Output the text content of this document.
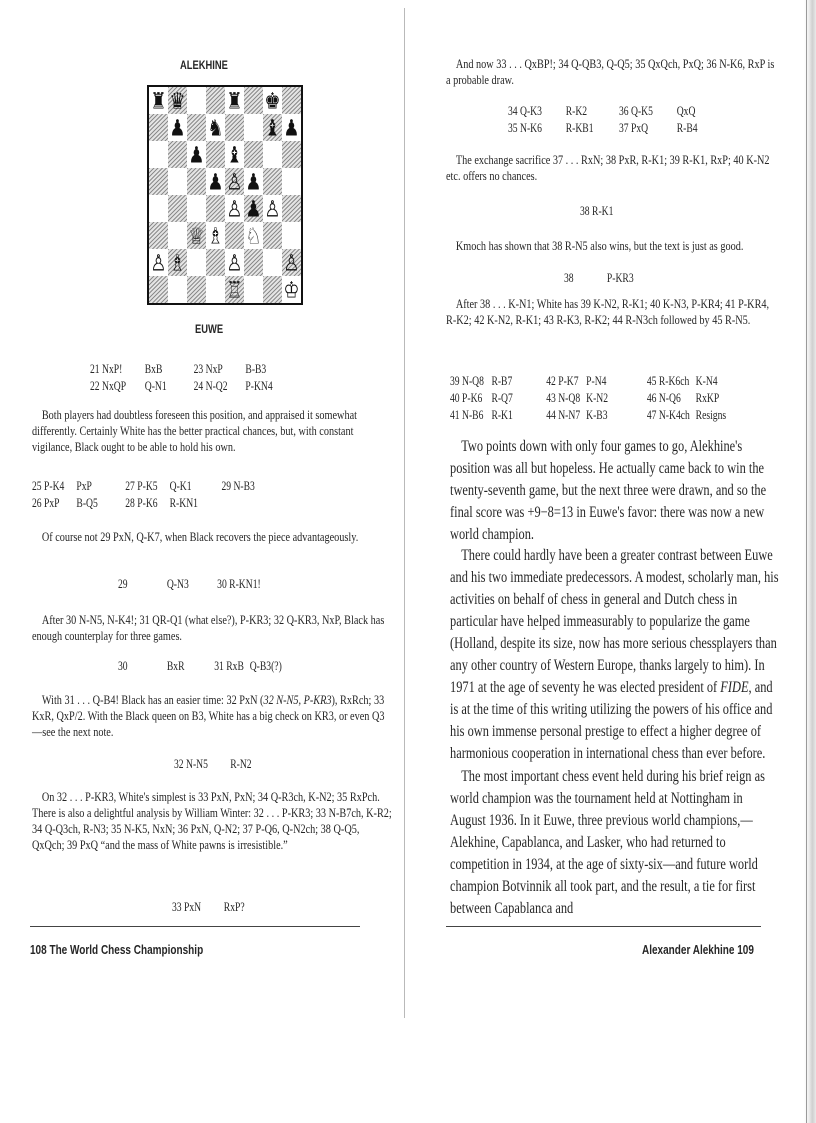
ALEKHINE
♜ ♛ ♜ ♚
♟ ♞ ♝ ♟
♟ ♝
♟ ♙ ♟
♙ ♟ ♙
♕ ♗ ♘
♙ ♗ ♙ ♙
♖ ♔
EUWE
21 NxP! BxB 23 NxP B-B3
22 NxQP Q-N1 24 N-Q2 P-KN4
Both players had doubtless foreseen this position, and appraised it somewhat differently. Certainly White has the better practical chances, but, with constant vigilance, Black ought to be able to hold his own.
25 P-K4 PxP	27 P-K5 Q-K1 29 N-B3
26 PxP B-Q5 28 P-K6 R-KN1
Of course not 29 PxN, Q-K7, when Black recovers the piece advantageously.
29	Q-N3 30 R-KN1!
After 30 N-N5, N-K4!; 31 QR-Q1 (what else?), P-KR3; 32 Q-KR3, NxP, Black has enough counterplay for three games.
30	BxR 31 RxB Q-B3(?)
With 31 . . . Q-B4! Black has an easier time: 32 PxN (32 N-N5, P-KR3), RxRch; 33 KxR, QxP/2. With the Black queen on B3, White has a big check on KR3, or even Q3—see the next note.
32 N-N5 R-N2
On 32 . . . P-KR3, White's simplest is 33 PxN, PxN; 34 Q-R3ch, K-N2; 35 RxPch. There is also a delightful analysis by William Winter: 32 . . . P-KR3; 33 N-B7ch, K-R2; 34 Q-Q3ch, R-N3; 35 N-K5, NxN; 36 PxN, Q-N2; 37 P-Q6, Q-N2ch; 38 Q-Q5, QxQch; 39 PxQ “and the mass of White pawns is irresistible.”
33 PxN RxP?
108 The World Chess Championship
And now 33 . . . QxBP!; 34 Q-QB3, Q-Q5; 35 QxQch, PxQ; 36 N-K6, RxP is a probable draw.
34 Q-K3 R-K2 36 Q-K5 QxQ
35 N-K6 R-KB1 37 PxQ R-B4
The exchange sacrifice 37 . . . RxN; 38 PxR, R-K1; 39 R-K1, RxP; 40 K-N2 etc. offers no chances.
38 R-K1
Kmoch has shown that 38 R-N5 also wins, but the text is just as good.
38	P-KR3
After 38 . . . K-N1; White has 39 K-N2, R-K1; 40 K-N3, P-KR4; 41 P-KR4, R-K2; 42 K-N2, R-K1; 43 R-K3, R-K2; 44 R-N3ch followed by 45 R-N5.
39 N-Q8 R-B7	42 P-K7 P-N4	45 R-K6ch K-N4
40 P-K6 R-Q7	43 N-Q8 K-N2	46 N-Q6 RxKP
41 N-B6 R-K1	44 N-N7 K-B3	47 N-K4ch Resigns
Two points down with only four games to go, Alekhine's position was all but hopeless. He actually came back to win the twenty-seventh game, but the next three were drawn, and so the final score was +9−8=13 in Euwe's favor: there was now a new world champion.
There could hardly have been a greater contrast between Euwe and his two immediate predecessors. A modest, scholarly man, his activities on behalf of chess in general and Dutch chess in particular have helped immeasurably to popularize the game (Holland, despite its size, now has more serious chessplayers than any other country of Western Europe, thanks largely to him). In 1971 at the age of seventy he was elected president of FIDE, and is at the time of this writing utilizing the powers of his office and his own immense personal prestige to effect a higher degree of harmonious cooperation in international chess than ever before.
The most important chess event held during his brief reign as world champion was the tournament held at Nottingham in August 1936. In it Euwe, three previous world champions,—Alekhine, Capablanca, and Lasker, who had returned to competition in 1934, at the age of sixty-six—and future world champion Botvinnik all took part, and the result, a tie for first between Capablanca and
Alexander Alekhine 109
